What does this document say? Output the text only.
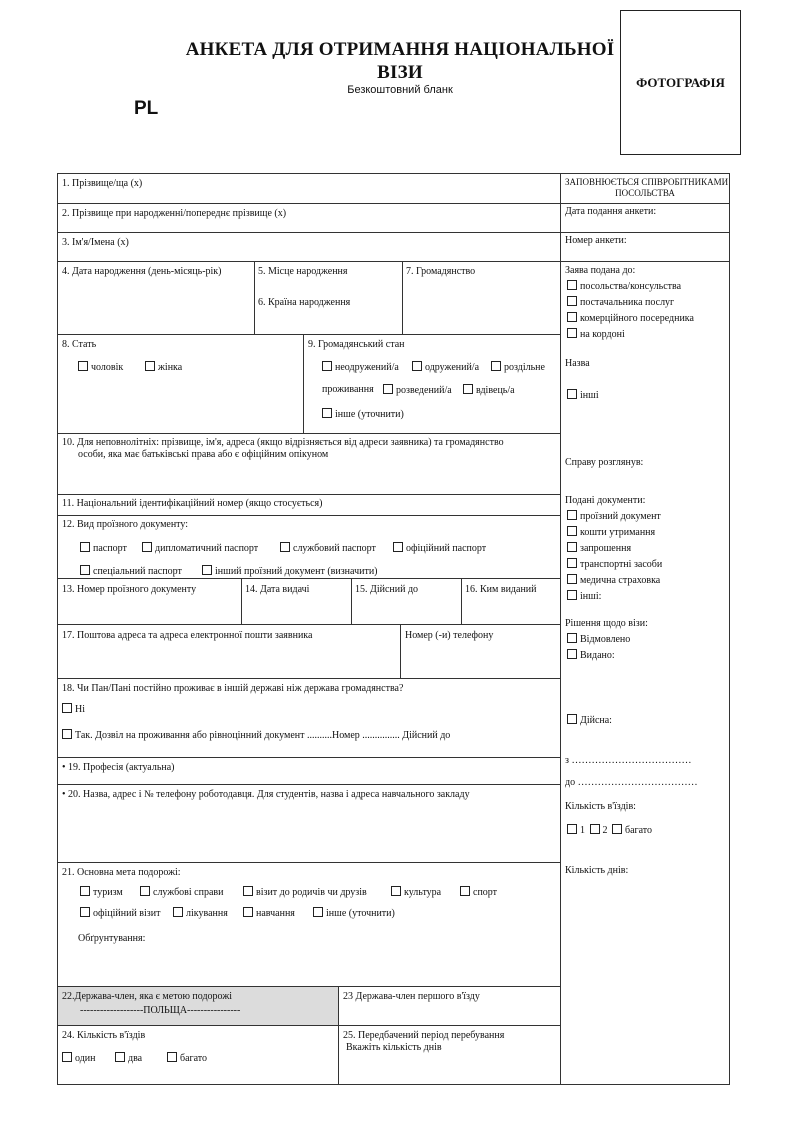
АНКЕТА ДЛЯ ОТРИМАННЯ НАЦІОНАЛЬНОЇ
ВІЗИ
Безкоштовний бланк
PL
ФОТОГРАФІЯ
1. Прізвище/ща (х)
2. Прізвище при народженні/попереднє прізвище (х)
3. Ім'я/Імена (х)
4. Дата народження (день-місяць-рік)	5. Місце народження
6. Країна народження
7. Громадянство
8. Стать
чоловік	жінка
9. Громадянський стан
неодружений/а	одружений/а	роздільне
проживання	розведений/а	вдівець/а
інше (уточнити)
10. Для неповнолітніх: прізвище, ім'я, адреса (якщо відрізняється від адреси заявника) та громадянство
особи, яка має батьківські права або є офіційним опікуном
11. Національний ідентифікаційний номер (якщо стосується)
12. Вид проїзного документу:
паспорт	дипломатичний паспорт	службовий паспорт	офіційний паспорт
спеціальний паспорт	інший проїзний документ (визначити)
13. Номер проїзного документу	14. Дата видачі	15. Дійсний до	16. Ким виданий
17. Поштова адреса та адреса електронної пошти заявника	Номер (-и) телефону
18. Чи Пан/Пані постійно проживає в іншій державі ніж держава громадянства?
Ні
Так. Дозвіл на проживання або рівноцінний документ ..........Номер ............... Дійсний до
• 19. Професія (актуальна)
• 20. Назва, адрес і № телефону роботодавця. Для студентів, назва і адреса навчального закладу
21. Основна мета подорожі:
туризм	службові справи	візит до родичів чи друзів	культура	спорт
офіційний візит	лікування	навчання	інше (уточнити)
Обґрунтування:
22.Держава-член, яка є метою подорожі
-------------------ПОЛЬЩА----------------
23 Держава-член першого в'їзду
24. Кількість в'їздів
один	два	багато
25. Передбачений період перебування
Вкажіть кількість днів
ЗАПОВНЮЄТЬСЯ СПІВРОБІТНИКАМИ
ПОСОЛЬСТВА
Дата подання анкети:
Номер анкети:
Заява подана до:
посольства/консульства
постачальника послуг
комерційного посередника
на кордоні
Назва
інші
Справу розглянув:
Подані документи:
проїзний документ
кошти утримання
запрошення
транспортні засоби
медична страховка
інші:
Рішення щодо візи:
Відмовлено
Видано:
Дійсна:
з ………………………………
до ………………………………
Кількість в'їздів:
1 2 багато
Кількість днів:
